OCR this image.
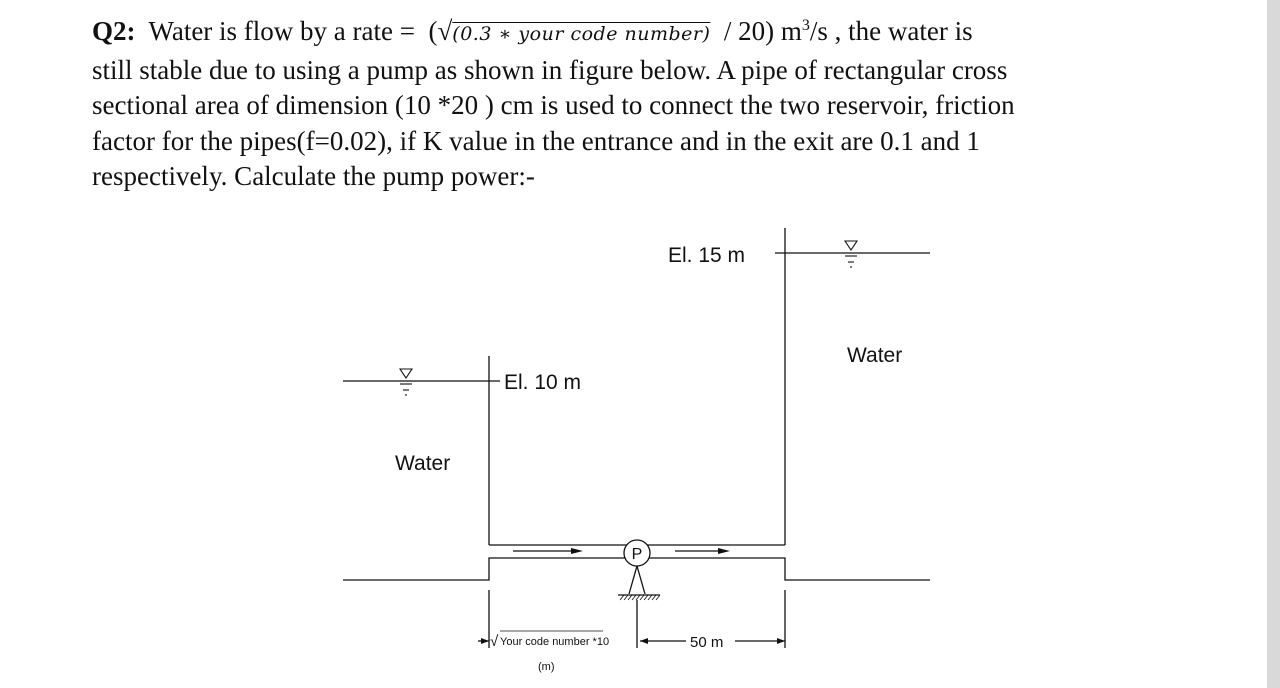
Q2: Water is flow by a rate = (√(0.3 ∗ your code number) / 20) $m^3/s$ , the water is
still stable due to using a pump as shown in figure below. A pipe of rectangular cross
sectional area of dimension (10 *20 ) cm is used to connect the two reservoir, friction
factor for the pipes(f=0.02), if K value in the entrance and in the exit are 0.1 and 1
respectively. Calculate the pump power:-
P
El. 15 m
Water
El. 10 m
Water
√ Your code number *10
(m)
50 m
